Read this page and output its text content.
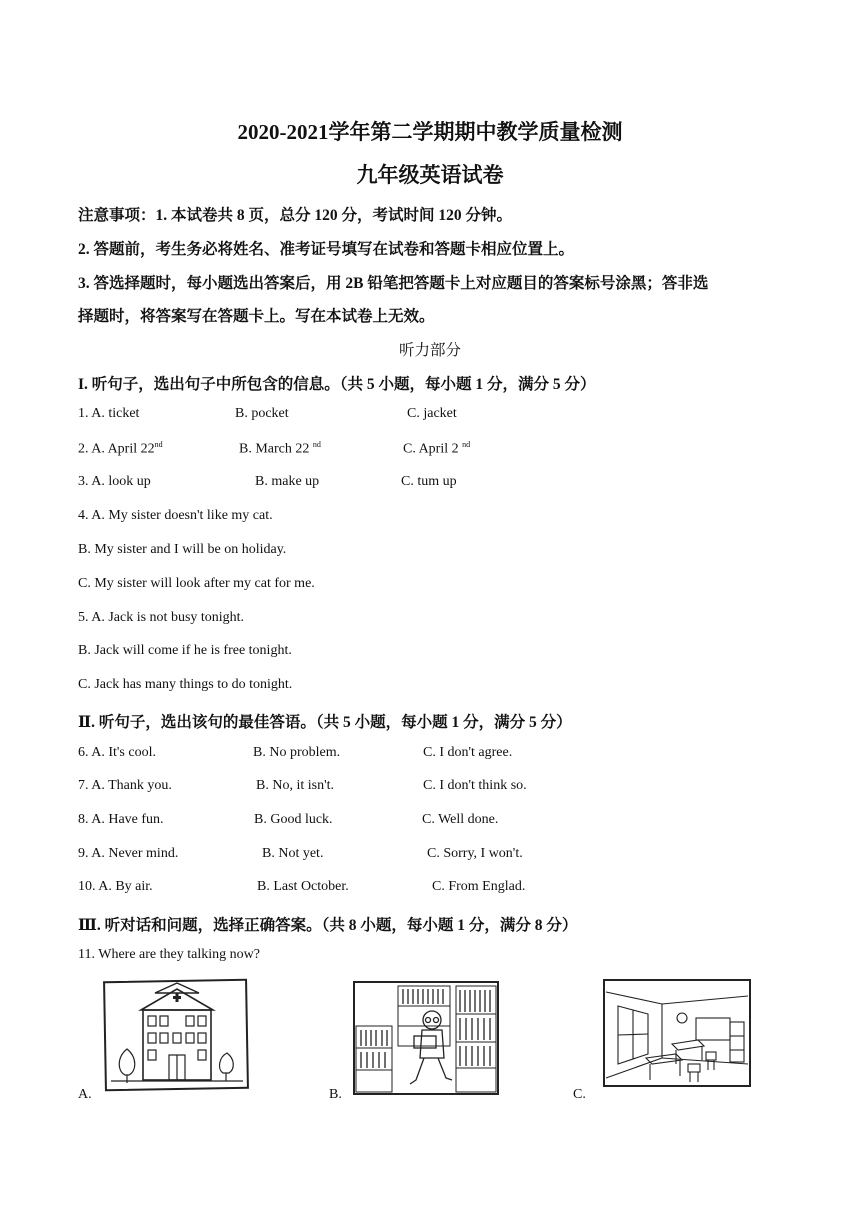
2020-2021学年第二学期期中教学质量检测
九年级英语试卷
注意事项：1. 本试卷共 8 页，总分 120 分，考试时间 120 分钟。
2. 答题前，考生务必将姓名、准考证号填写在试卷和答题卡相应位置上。
3. 答选择题时，每小题选出答案后，用 2B 铅笔把答题卡上对应题目的答案标号涂黑；答非选
择题时，将答案写在答题卡上。写在本试卷上无效。
听力部分
I. 听句子，选出句子中所包含的信息。（共 5 小题，每小题 1 分，满分 5 分）
1. A. ticket	B. pocket	C. jacket
2. A. April 22nd	B. March 22 $^{nd}$	C. April 2 $^{nd}$
3. A. look up	B. make up	C. tum up
4. A. My sister doesn't like my cat.
B. My sister and I will be on holiday.
C. My sister will look after my cat for me.
5. A. Jack is not busy tonight.
B. Jack will come if he is free tonight.
C. Jack has many things to do tonight.
Ⅱ. 听句子，选出该句的最佳答语。（共 5 小题，每小题 1 分，满分 5 分）
6. A. It's cool.	B. No problem.	C. I don't agree.
7. A. Thank you.	B. No, it isn't.	C. I don't think so.
8. A. Have fun.	B. Good luck.	C. Well done.
9. A. Never mind.	B. Not yet.	C. Sorry, I won't.
10. A. By air.	B. Last October.	C. From Englad.
Ⅲ. 听对话和问题，选择正确答案。（共 8 小题，每小题 1 分，满分 8 分）
11. Where are they talking now?
A.	B.	C.
